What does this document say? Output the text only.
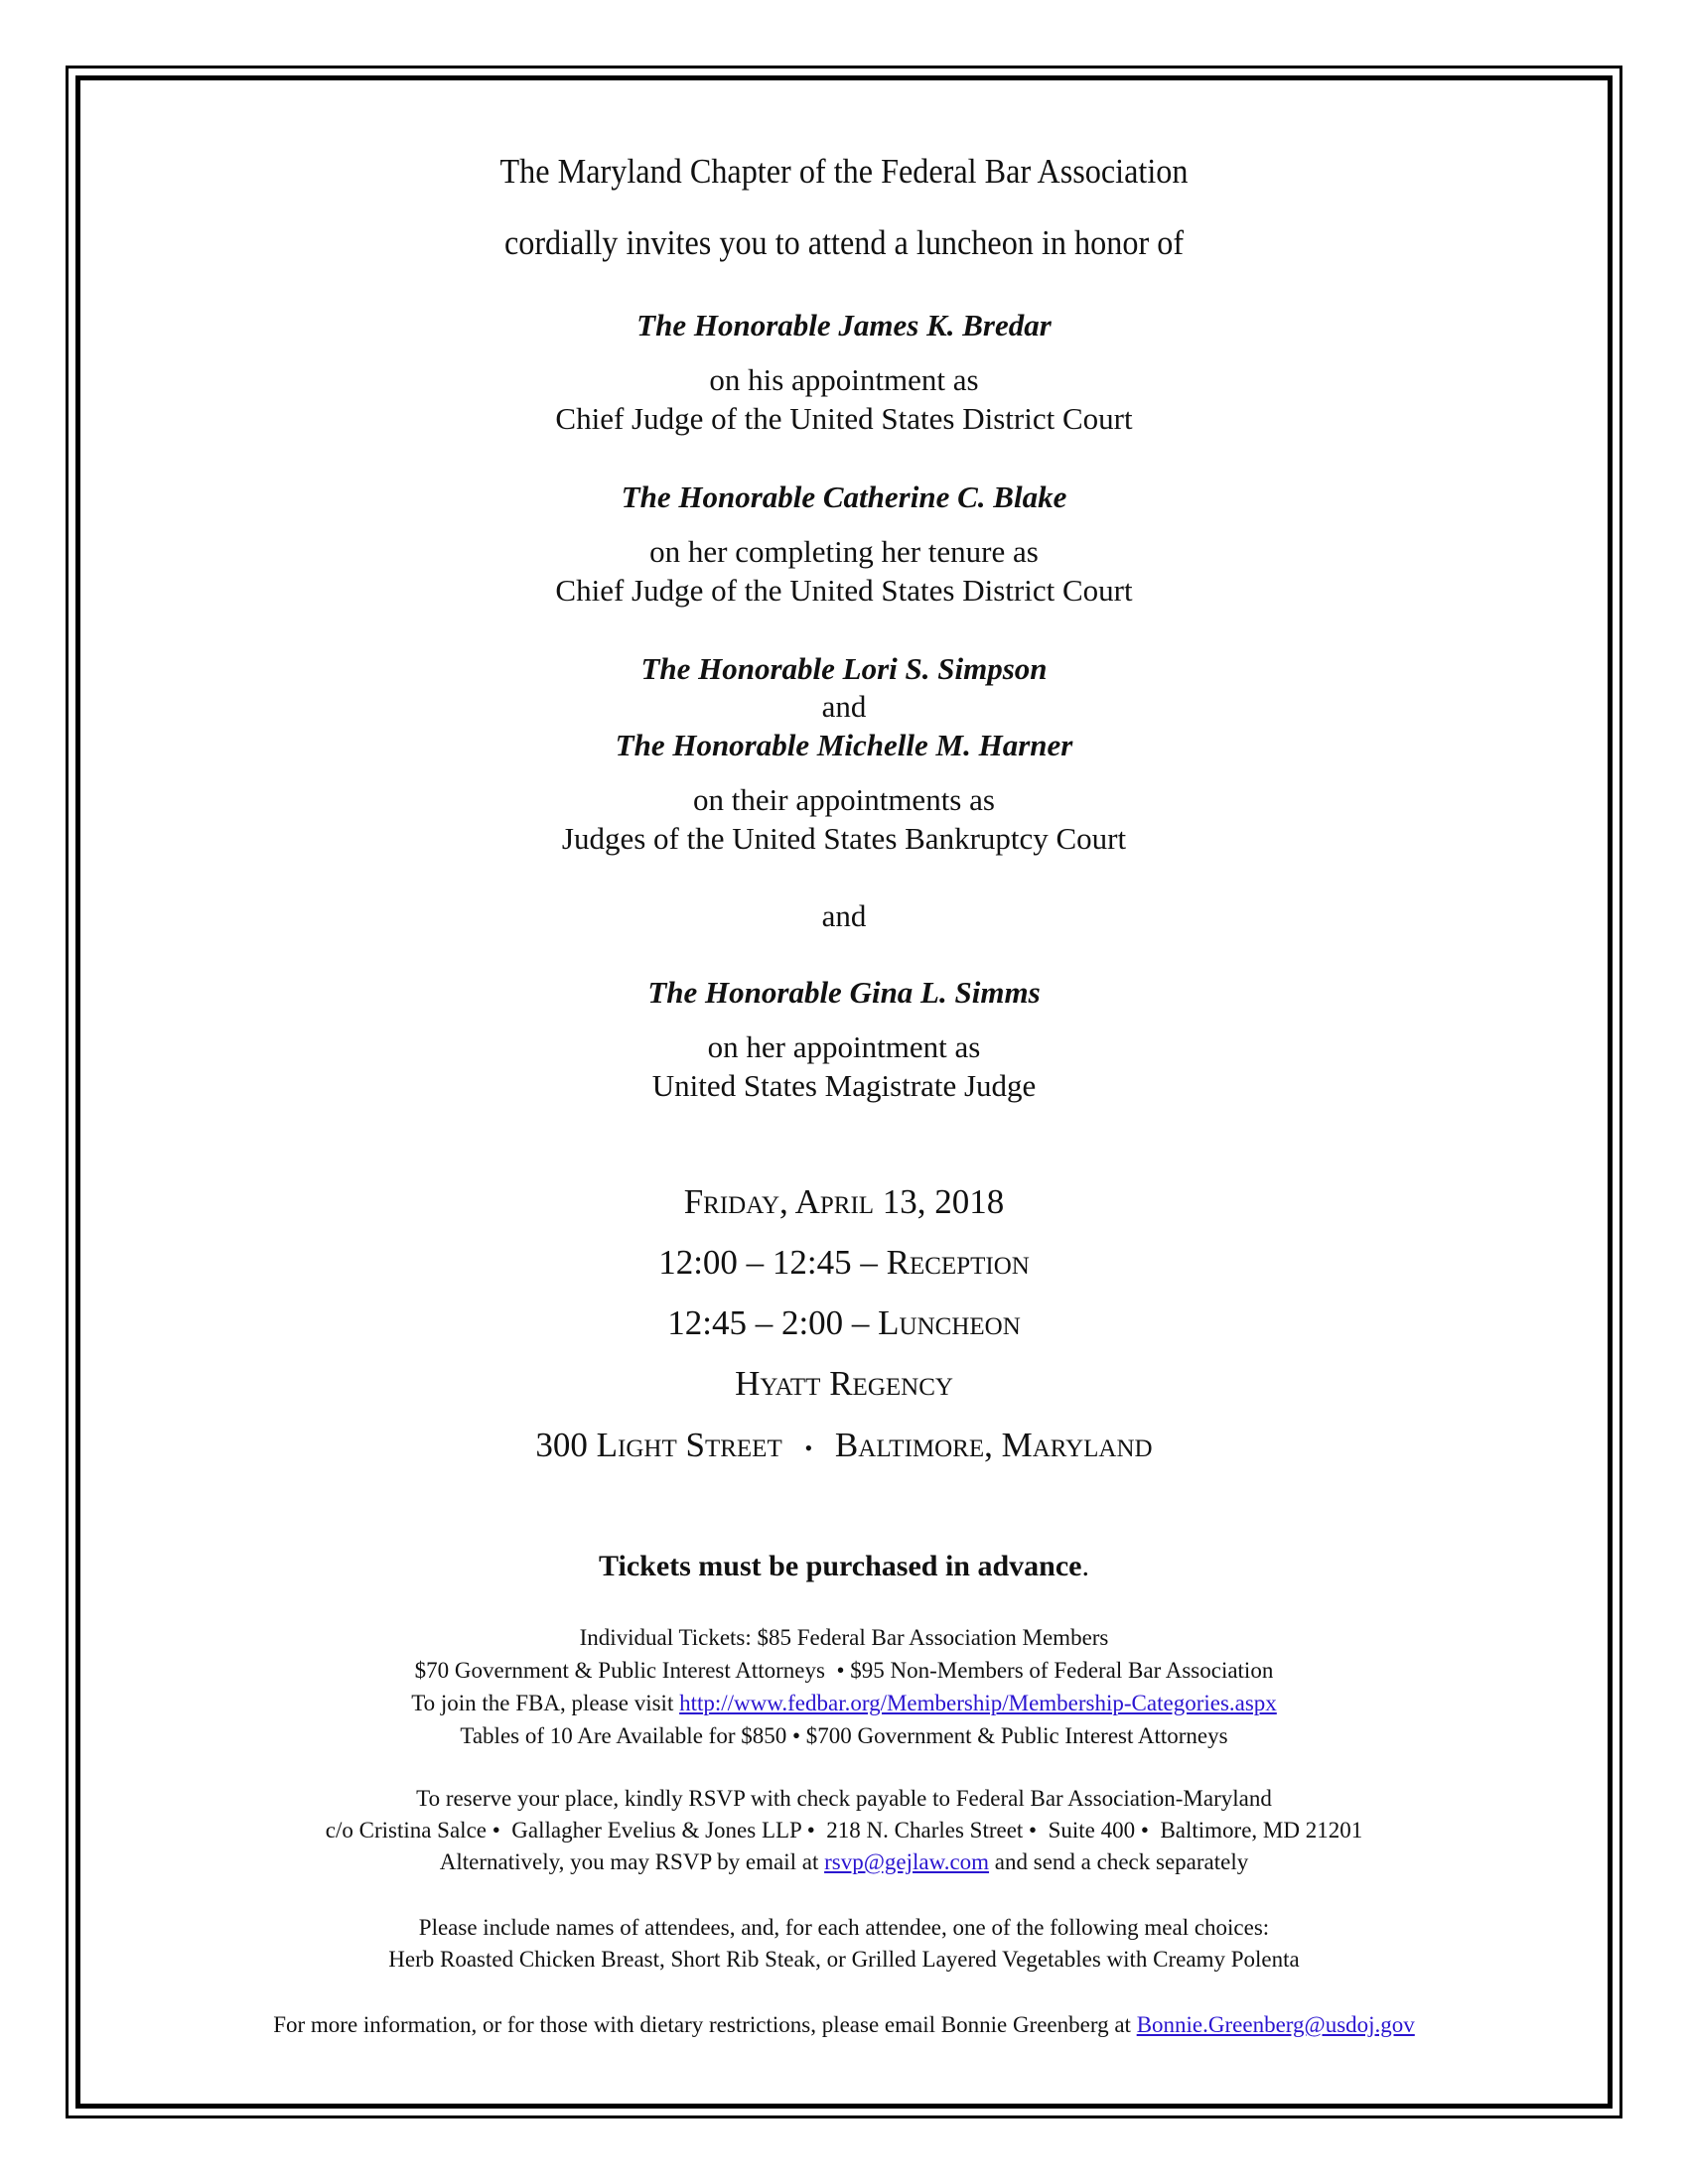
The Maryland Chapter of the Federal Bar Association
cordially invites you to attend a luncheon in honor of
The Honorable James K. Bredar
on his appointment as
Chief Judge of the United States District Court
The Honorable Catherine C. Blake
on her completing her tenure as
Chief Judge of the United States District Court
The Honorable Lori S. Simpson
and
The Honorable Michelle M. Harner
on their appointments as
Judges of the United States Bankruptcy Court
and
The Honorable Gina L. Simms
on her appointment as
United States Magistrate Judge
Friday, April 13, 2018
12:00 – 12:45 – Reception
12:45 – 2:00 – Luncheon
Hyatt Regency
300 Light Street • Baltimore, Maryland
Tickets must be purchased in advance.
Individual Tickets: $85 Federal Bar Association Members
$70 Government & Public Interest Attorneys  • $95 Non-Members of Federal Bar Association
To join the FBA, please visit http://www.fedbar.org/Membership/Membership-Categories.aspx
Tables of 10 Are Available for $850 • $700 Government & Public Interest Attorneys
To reserve your place, kindly RSVP with check payable to Federal Bar Association-Maryland
c/o Cristina Salce •  Gallagher Evelius & Jones LLP •  218 N. Charles Street •  Suite 400 •  Baltimore, MD 21201
Alternatively, you may RSVP by email at rsvp@gejlaw.com and send a check separately
Please include names of attendees, and, for each attendee, one of the following meal choices:
Herb Roasted Chicken Breast, Short Rib Steak, or Grilled Layered Vegetables with Creamy Polenta
For more information, or for those with dietary restrictions, please email Bonnie Greenberg at Bonnie.Greenberg@usdoj.gov
